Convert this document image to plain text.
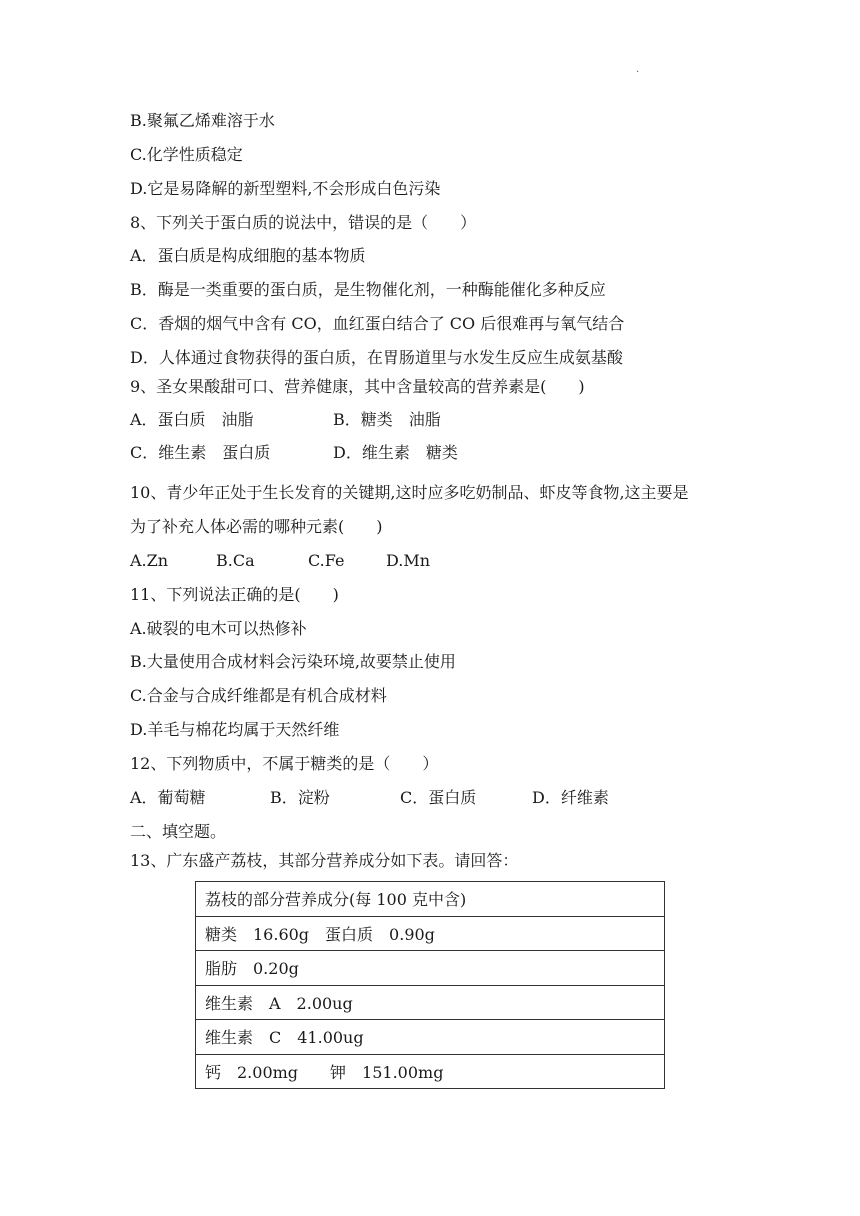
.
B.聚氟乙烯难溶于水
C.化学性质稳定
D.它是易降解的新型塑料,不会形成白色污染
8、下列关于蛋白质的说法中，错误的是（　　）
A．蛋白质是构成细胞的基本物质
B．酶是一类重要的蛋白质，是生物催化剂，一种酶能催化多种反应
C．香烟的烟气中含有 CO，血红蛋白结合了 CO 后很难再与氧气结合
D．人体通过食物获得的蛋白质，在胃肠道里与水发生反应生成氨基酸
9、圣女果酸甜可口、营养健康，其中含量较高的营养素是(　　)
A．蛋白质　油脂	B．糖类　油脂
C．维生素　蛋白质	D．维生素　糖类
10、青少年正处于生长发育的关键期,这时应多吃奶制品、虾皮等食物,这主要是
为了补充人体必需的哪种元素(　　)
A.Zn	B.Ca	C.Fe	D.Mn
11、下列说法正确的是(　　)
A.破裂的电木可以热修补
B.大量使用合成材料会污染环境,故要禁止使用
C.合金与合成纤维都是有机合成材料
D.羊毛与棉花均属于天然纤维
12、下列物质中，不属于糖类的是（　　）
A．葡萄糖	B．淀粉	C．蛋白质	D．纤维素
二、填空题。
13、广东盛产荔枝，其部分营养成分如下表。请回答：
荔枝的部分营养成分(每 100 克中含)
糖类　16.60g　蛋白质　0.90g
脂肪　0.20g
维生素　A　2.00ug
维生素　C　41.00ug
钙　2.00mg　　钾　151.00mg
